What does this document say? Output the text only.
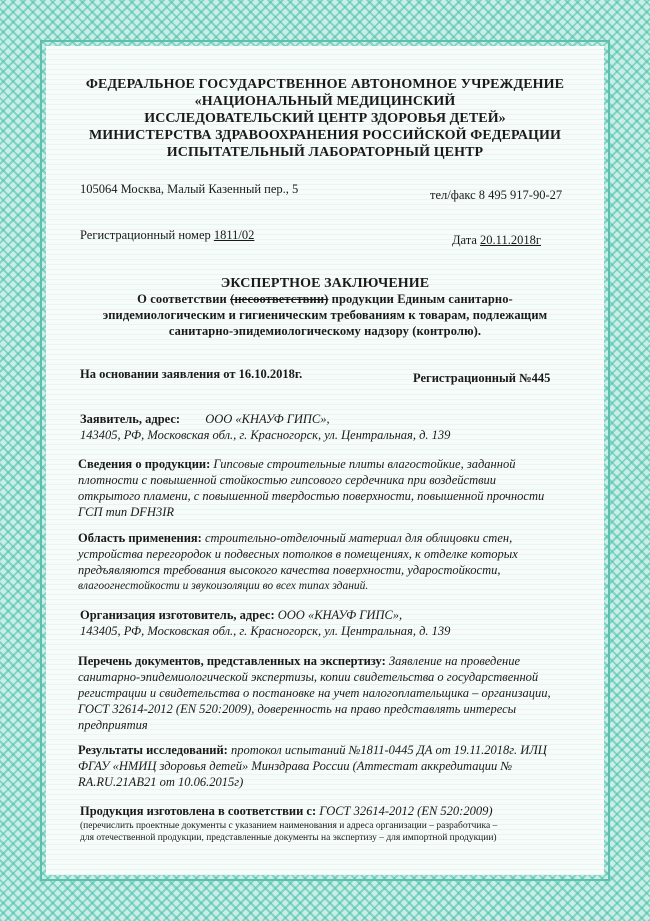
ФЕДЕРАЛЬНОЕ ГОСУДАРСТВЕННОЕ АВТОНОМНОЕ УЧРЕЖДЕНИЕ
«НАЦИОНАЛЬНЫЙ МЕДИЦИНСКИЙ
ИССЛЕДОВАТЕЛЬСКИЙ ЦЕНТР ЗДОРОВЬЯ ДЕТЕЙ»
МИНИСТЕРСТВА ЗДРАВООХРАНЕНИЯ РОССИЙСКОЙ ФЕДЕРАЦИИ
ИСПЫТАТЕЛЬНЫЙ ЛАБОРАТОРНЫЙ ЦЕНТР
105064 Москва, Малый Казенный пер., 5	тел/факс 8 495 917-90-27
Регистрационный номер 1811/02	Дата 20.11.2018г
ЭКСПЕРТНОЕ ЗАКЛЮЧЕНИЕ
О соответствии (несоответствии) продукции Единым санитарно-
эпидемиологическим и гигиеническим требованиям к товарам, подлежащим
санитарно-эпидемиологическому надзору (контролю).
На основании заявления от 16.10.2018г.	Регистрационный №445
Заявитель, адрес: ООО «КНАУФ ГИПС»,
143405, РФ, Московская обл., г. Красногорск, ул. Центральная, д. 139
Сведения о продукции: Гипсовые строительные плиты влагостойкие, заданной
плотности с повышенной стойкостью гипсового сердечника при воздействии
открытого пламени, с повышенной твердостью поверхности, повышенной прочности
ГСП тип DFH3IR
Область применения: строительно-отделочный материал для облицовки стен,
устройства перегородок и подвесных потолков в помещениях, к отделке которых
предъявляются требования высокого качества поверхности, ударостойкости,
влагоогнестойкости и звукоизоляции во всех типах зданий.
Организация изготовитель, адрес: ООО «КНАУФ ГИПС»,
143405, РФ, Московская обл., г. Красногорск, ул. Центральная, д. 139
Перечень документов, представленных на экспертизу: Заявление на проведение
санитарно-эпидемиологической экспертизы, копии свидетельства о государственной
регистрации и свидетельства о постановке на учет налогоплательщика – организации,
ГОСТ 32614-2012 (EN 520:2009), доверенность на право представлять интересы
предприятия
Результаты исследований: протокол испытаний №1811-0445 ДА от 19.11.2018г. ИЛЦ
ФГАУ «НМИЦ здоровья детей» Минздрава России (Аттестат аккредитации №
RA.RU.21AB21 от 10.06.2015г)
Продукция изготовлена в соответствии с: ГОСТ 32614-2012 (EN 520:2009)
(перечислить проектные документы с указанием наименования и адреса организации – разработчика –
для отечественной продукции, представленные документы на экспертизу – для импортной продукции)
